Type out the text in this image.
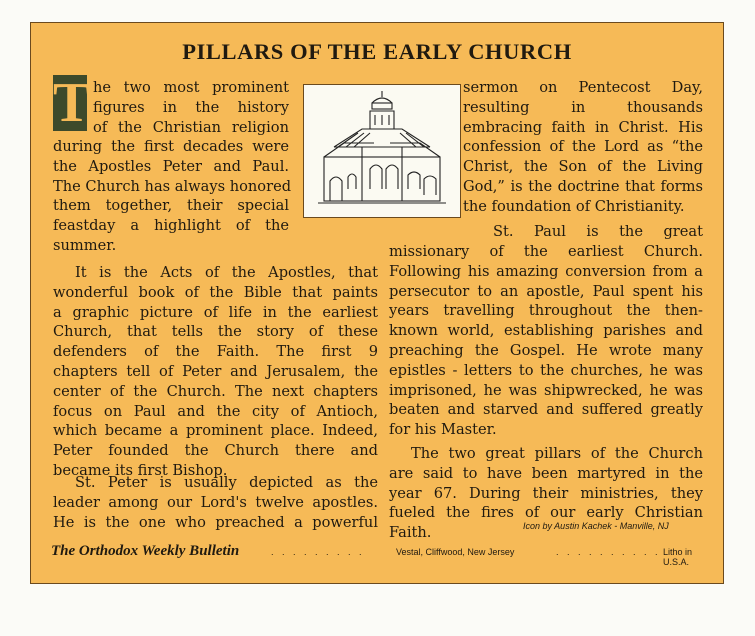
PILLARS OF THE EARLY CHURCH
T he two most prominent
figures in the history
of the Christian religion
during the first decades were
the Apostles Peter and Paul.
The Church has always honored
them together, their special
feastday a highlight of the
summer.
It is the Acts of the Apostles, that
wonderful book of the Bible that paints
a graphic picture of life in the earliest
Church, that tells the story of these
defenders of the Faith. The first 9
chapters tell of Peter and Jerusalem, the
center of the Church. The next chapters
focus on Paul and the city of Antioch,
which became a prominent place. Indeed,
Peter founded the Church there and
became its first Bishop.
St. Peter is usually depicted as the
leader among our Lord's twelve apostles.
He is the one who preached a powerful
sermon on Pentecost Day,
resulting in thousands
embracing faith in Christ. His
confession of the Lord as “the
Christ, the Son of the Living
God,” is the doctrine that forms
the foundation of Christianity.
St. Paul is the great
missionary of the earliest Church.
Following his amazing conversion from a
persecutor to an apostle, Paul spent his
years travelling throughout the then-
known world, establishing parishes and
preaching the Gospel. He wrote many
epistles - letters to the churches, he was
imprisoned, he was shipwrecked, he was
beaten and starved and suffered greatly
for his Master.
The two great pillars of the Church
are said to have been martyred in the
year 67. During their ministries, they
fueled the fires of our early Christian
Faith.	Icon by Austin Kachek - Manville, NJ
The Orthodox Weekly Bulletin	. . . . . . . . .	Vestal, Cliffwood, New Jersey	. . . . . . . . . . Litho in U.S.A.
